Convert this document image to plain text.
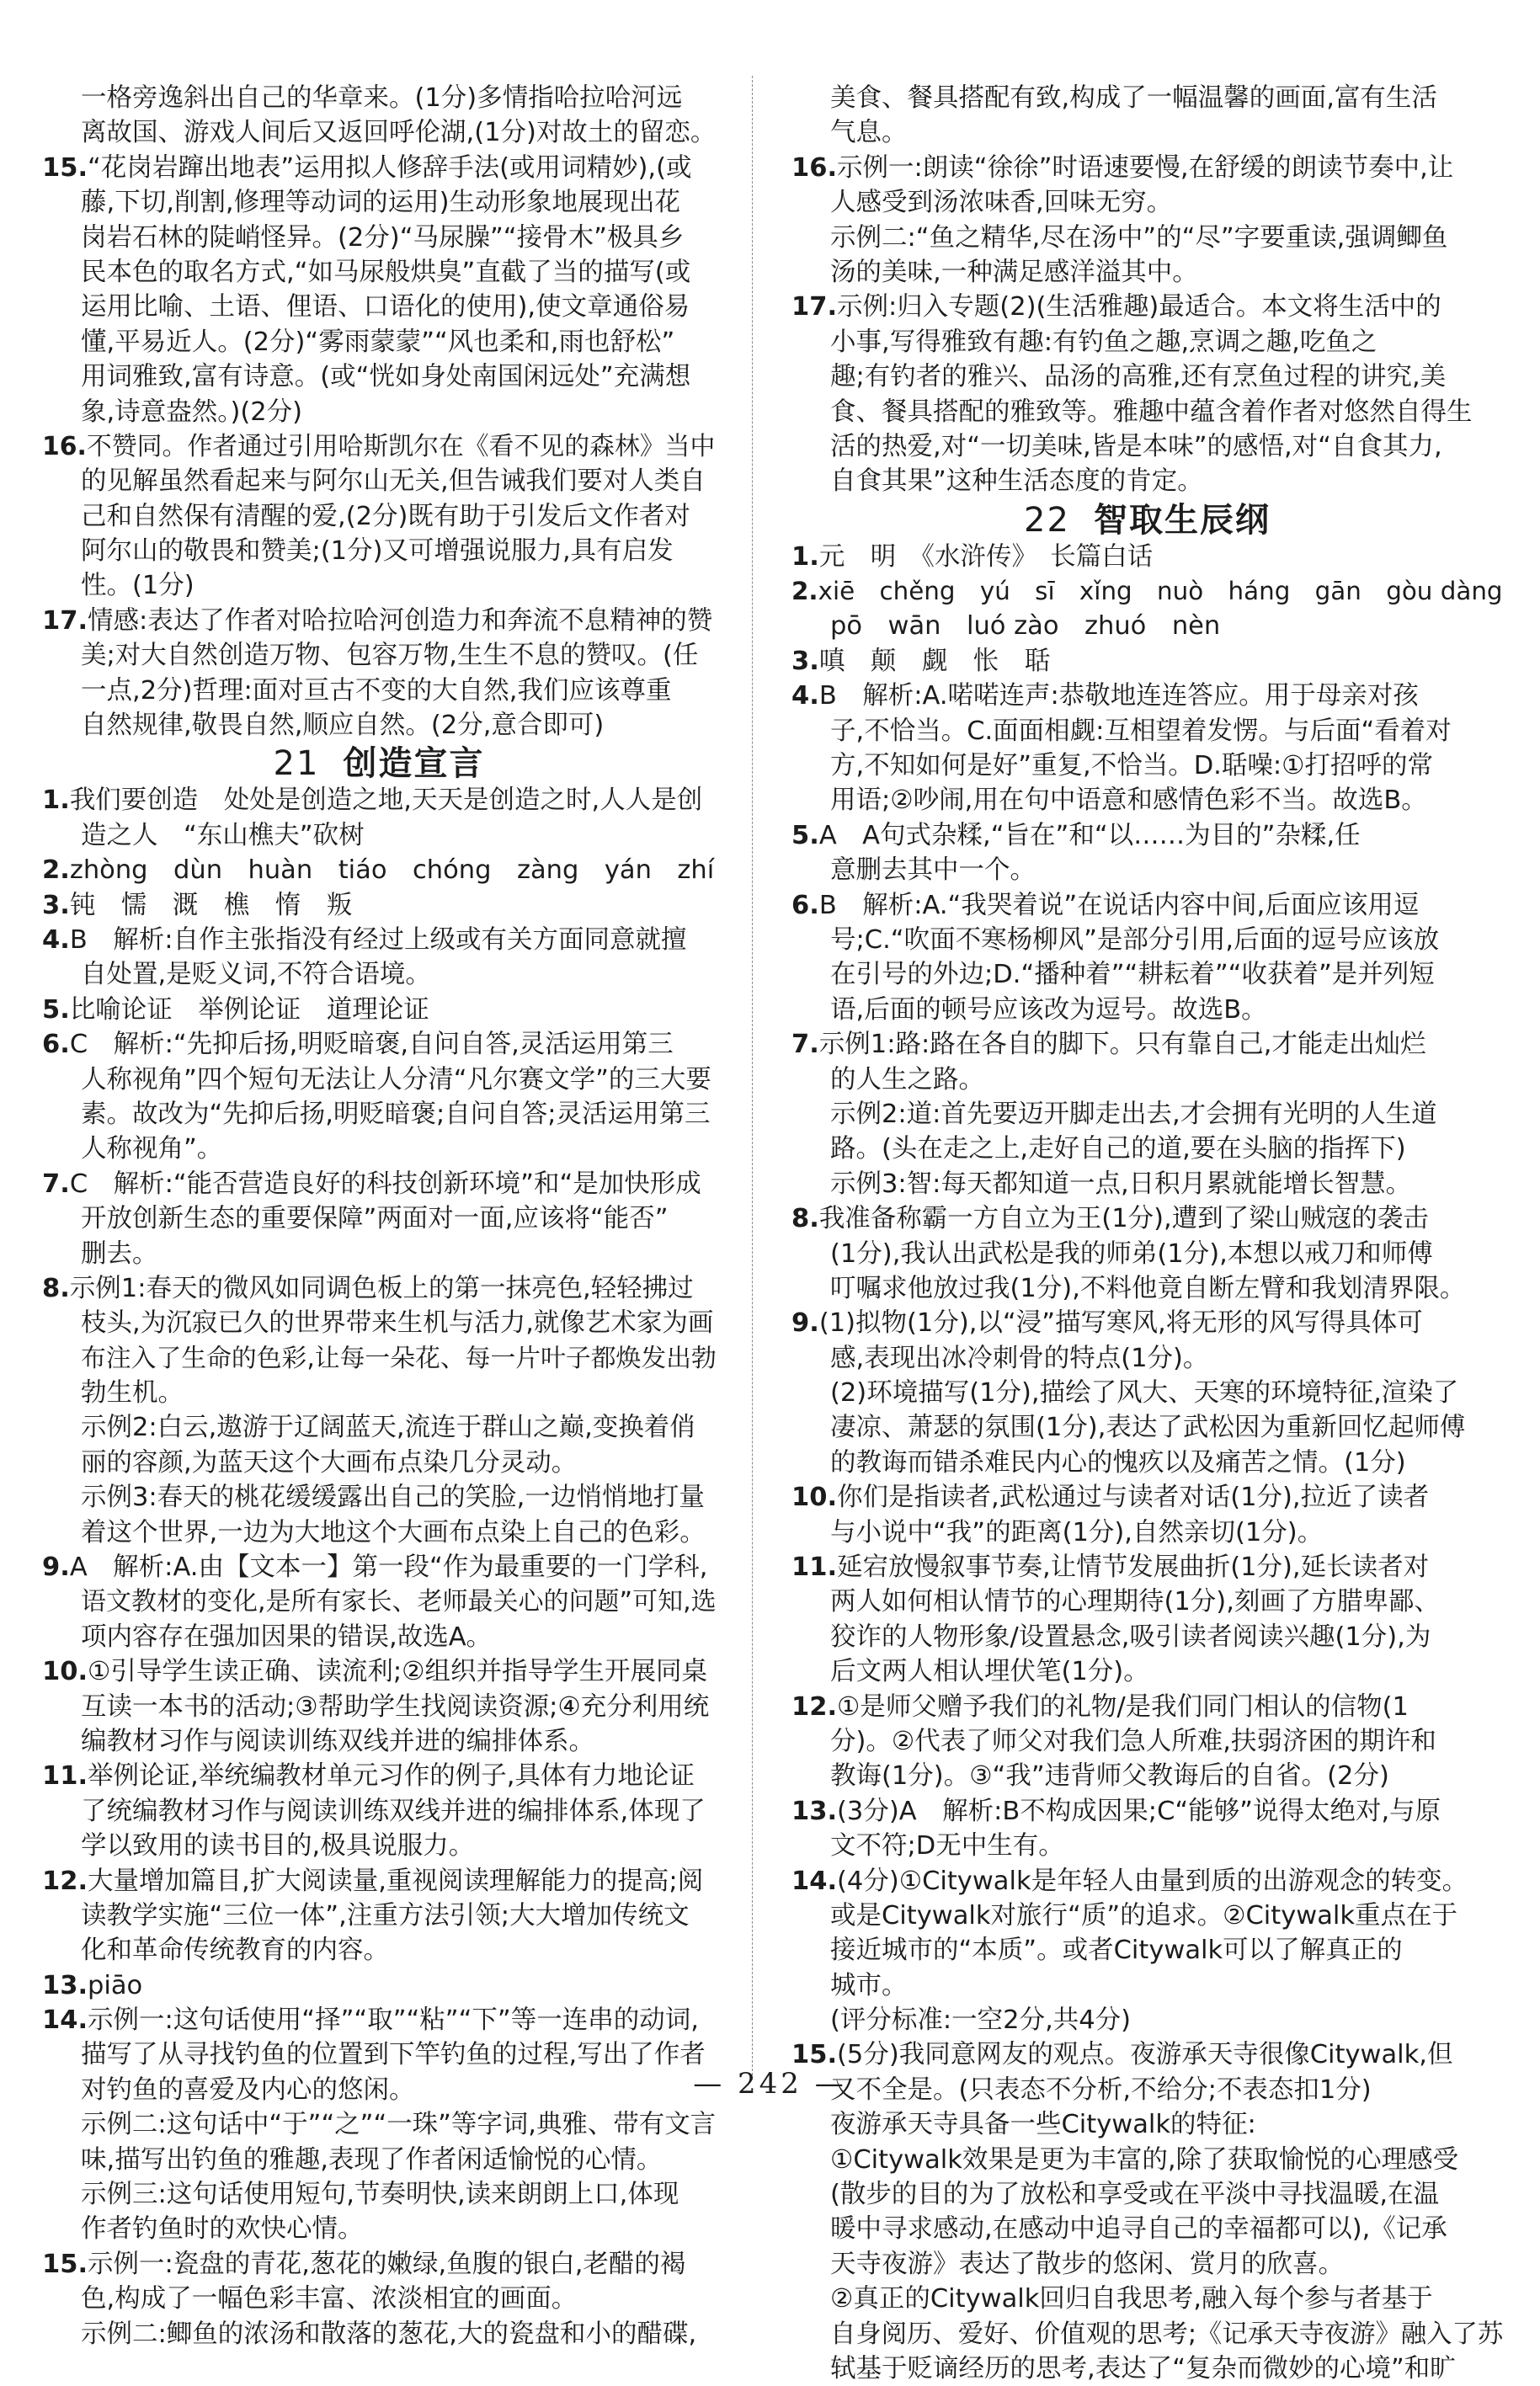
一格旁逸斜出自己的华章来。(1分)多情指哈拉哈河远
离故国、游戏人间后又返回呼伦湖,(1分)对故土的留恋。
15.“花岗岩蹿出地表”运用拟人修辞手法(或用词精妙),(或
藤,下切,削割,修理等动词的运用)生动形象地展现出花
岗岩石林的陡峭怪异。(2分)“马尿臊”“接骨木”极具乡
民本色的取名方式,“如马尿般烘臭”直截了当的描写(或
运用比喻、土语、俚语、口语化的使用),使文章通俗易
懂,平易近人。(2分)“雾雨蒙蒙”“风也柔和,雨也舒松”
用词雅致,富有诗意。(或“恍如身处南国闲远处”充满想
象,诗意盎然。)(2分)
16.不赞同。作者通过引用哈斯凯尔在《看不见的森林》当中
的见解虽然看起来与阿尔山无关,但告诫我们要对人类自
己和自然保有清醒的爱,(2分)既有助于引发后文作者对
阿尔山的敬畏和赞美;(1分)又可增强说服力,具有启发
性。(1分)
17.情感:表达了作者对哈拉哈河创造力和奔流不息精神的赞
美;对大自然创造万物、包容万物,生生不息的赞叹。(任
一点,2分)哲理:面对亘古不变的大自然,我们应该尊重
自然规律,敬畏自然,顺应自然。(2分,意合即可)
21 创造宣言
1.我们要创造　处处是创造之地,天天是创造之时,人人是创
造之人　“东山樵夫”砍树
2.zhòng　dùn　huàn　tiáo　chóng　zàng　yán　zhí
3.钝　懦　溉　樵　惰　叛
4.B　解析:自作主张指没有经过上级或有关方面同意就擅
自处置,是贬义词,不符合语境。
5.比喻论证　举例论证　道理论证
6.C　解析:“先抑后扬,明贬暗褒,自问自答,灵活运用第三
人称视角”四个短句无法让人分清“凡尔赛文学”的三大要
素。故改为“先抑后扬,明贬暗褒;自问自答;灵活运用第三
人称视角”。
7.C　解析:“能否营造良好的科技创新环境”和“是加快形成
开放创新生态的重要保障”两面对一面,应该将“能否”
删去。
8.示例1:春天的微风如同调色板上的第一抹亮色,轻轻拂过
枝头,为沉寂已久的世界带来生机与活力,就像艺术家为画
布注入了生命的色彩,让每一朵花、每一片叶子都焕发出勃
勃生机。
示例2:白云,遨游于辽阔蓝天,流连于群山之巅,变换着俏
丽的容颜,为蓝天这个大画布点染几分灵动。
示例3:春天的桃花缓缓露出自己的笑脸,一边悄悄地打量
着这个世界,一边为大地这个大画布点染上自己的色彩。
9.A　解析:A.由【文本一】第一段“作为最重要的一门学科,
语文教材的变化,是所有家长、老师最关心的问题”可知,选
项内容存在强加因果的错误,故选A。
10.①引导学生读正确、读流利;②组织并指导学生开展同桌
互读一本书的活动;③帮助学生找阅读资源;④充分利用统
编教材习作与阅读训练双线并进的编排体系。
11.举例论证,举统编教材单元习作的例子,具体有力地论证
了统编教材习作与阅读训练双线并进的编排体系,体现了
学以致用的读书目的,极具说服力。
12.大量增加篇目,扩大阅读量,重视阅读理解能力的提高;阅
读教学实施“三位一体”,注重方法引领;大大增加传统文
化和革命传统教育的内容。
13.piāo
14.示例一:这句话使用“择”“取”“粘”“下”等一连串的动词,
描写了从寻找钓鱼的位置到下竿钓鱼的过程,写出了作者
对钓鱼的喜爱及内心的悠闲。
示例二:这句话中“于”“之”“一珠”等字词,典雅、带有文言
味,描写出钓鱼的雅趣,表现了作者闲适愉悦的心情。
示例三:这句话使用短句,节奏明快,读来朗朗上口,体现
作者钓鱼时的欢快心情。
15.示例一:瓷盘的青花,葱花的嫩绿,鱼腹的银白,老醋的褐
色,构成了一幅色彩丰富、浓淡相宜的画面。
示例二:鲫鱼的浓汤和散落的葱花,大的瓷盘和小的醋碟,
美食、餐具搭配有致,构成了一幅温馨的画面,富有生活
气息。
16.示例一:朗读“徐徐”时语速要慢,在舒缓的朗读节奏中,让
人感受到汤浓味香,回味无穷。
示例二:“鱼之精华,尽在汤中”的“尽”字要重读,强调鲫鱼
汤的美味,一种满足感洋溢其中。
17.示例:归入专题(2)(生活雅趣)最适合。本文将生活中的
小事,写得雅致有趣:有钓鱼之趣,烹调之趣,吃鱼之
趣;有钓者的雅兴、品汤的高雅,还有烹鱼过程的讲究,美
食、餐具搭配的雅致等。雅趣中蕴含着作者对悠然自得生
活的热爱,对“一切美味,皆是本味”的感悟,对“自食其力,
自食其果”这种生活态度的肯定。
22 智取生辰纲
1.元　明　《水浒传》　长篇白话
2.xiē　chěng　yú　sī　xǐng　nuò　háng　gān　gòu dàng
pō　wān　luó zào　zhuó　nèn
3.嗔　颠　觑　怅　聒
4.B　解析:A.喏喏连声:恭敬地连连答应。用于母亲对孩
子,不恰当。C.面面相觑:互相望着发愣。与后面“看着对
方,不知如何是好”重复,不恰当。D.聒噪:①打招呼的常
用语;②吵闹,用在句中语意和感情色彩不当。故选B。
5.A　A句式杂糅,“旨在”和“以……为目的”杂糅,任
意删去其中一个。
6.B　解析:A.“我哭着说”在说话内容中间,后面应该用逗
号;C.“吹面不寒杨柳风”是部分引用,后面的逗号应该放
在引号的外边;D.“播种着”“耕耘着”“收获着”是并列短
语,后面的顿号应该改为逗号。故选B。
7.示例1:路:路在各自的脚下。只有靠自己,才能走出灿烂
的人生之路。
示例2:道:首先要迈开脚走出去,才会拥有光明的人生道
路。(头在走之上,走好自己的道,要在头脑的指挥下)
示例3:智:每天都知道一点,日积月累就能增长智慧。
8.我准备称霸一方自立为王(1分),遭到了梁山贼寇的袭击
(1分),我认出武松是我的师弟(1分),本想以戒刀和师傅
叮嘱求他放过我(1分),不料他竟自断左臂和我划清界限。
9.(1)拟物(1分),以“浸”描写寒风,将无形的风写得具体可
感,表现出冰冷刺骨的特点(1分)。
(2)环境描写(1分),描绘了风大、天寒的环境特征,渲染了
凄凉、萧瑟的氛围(1分),表达了武松因为重新回忆起师傅
的教诲而错杀难民内心的愧疚以及痛苦之情。(1分)
10.你们是指读者,武松通过与读者对话(1分),拉近了读者
与小说中“我”的距离(1分),自然亲切(1分)。
11.延宕放慢叙事节奏,让情节发展曲折(1分),延长读者对
两人如何相认情节的心理期待(1分),刻画了方腊卑鄙、
狡诈的人物形象/设置悬念,吸引读者阅读兴趣(1分),为
后文两人相认埋伏笔(1分)。
12.①是师父赠予我们的礼物/是我们同门相认的信物(1
分)。②代表了师父对我们急人所难,扶弱济困的期许和
教诲(1分)。③“我”违背师父教诲后的自省。(2分)
13.(3分)A　解析:B不构成因果;C“能够”说得太绝对,与原
文不符;D无中生有。
14.(4分)①Citywalk是年轻人由量到质的出游观念的转变。
或是Citywalk对旅行“质”的追求。②Citywalk重点在于
接近城市的“本质”。或者Citywalk可以了解真正的
城市。
(评分标准:一空2分,共4分)
15.(5分)我同意网友的观点。夜游承天寺很像Citywalk,但
又不全是。(只表态不分析,不给分;不表态扣1分)
夜游承天寺具备一些Citywalk的特征:
①Citywalk效果是更为丰富的,除了获取愉悦的心理感受
(散步的目的为了放松和享受或在平淡中寻找温暖,在温
暖中寻求感动,在感动中追寻自己的幸福都可以),《记承
天寺夜游》表达了散步的悠闲、赏月的欣喜。
②真正的Citywalk回归自我思考,融入每个参与者基于
自身阅历、爱好、价值观的思考;《记承天寺夜游》融入了苏
轼基于贬谪经历的思考,表达了“复杂而微妙的心境”和旷
— 242 —
